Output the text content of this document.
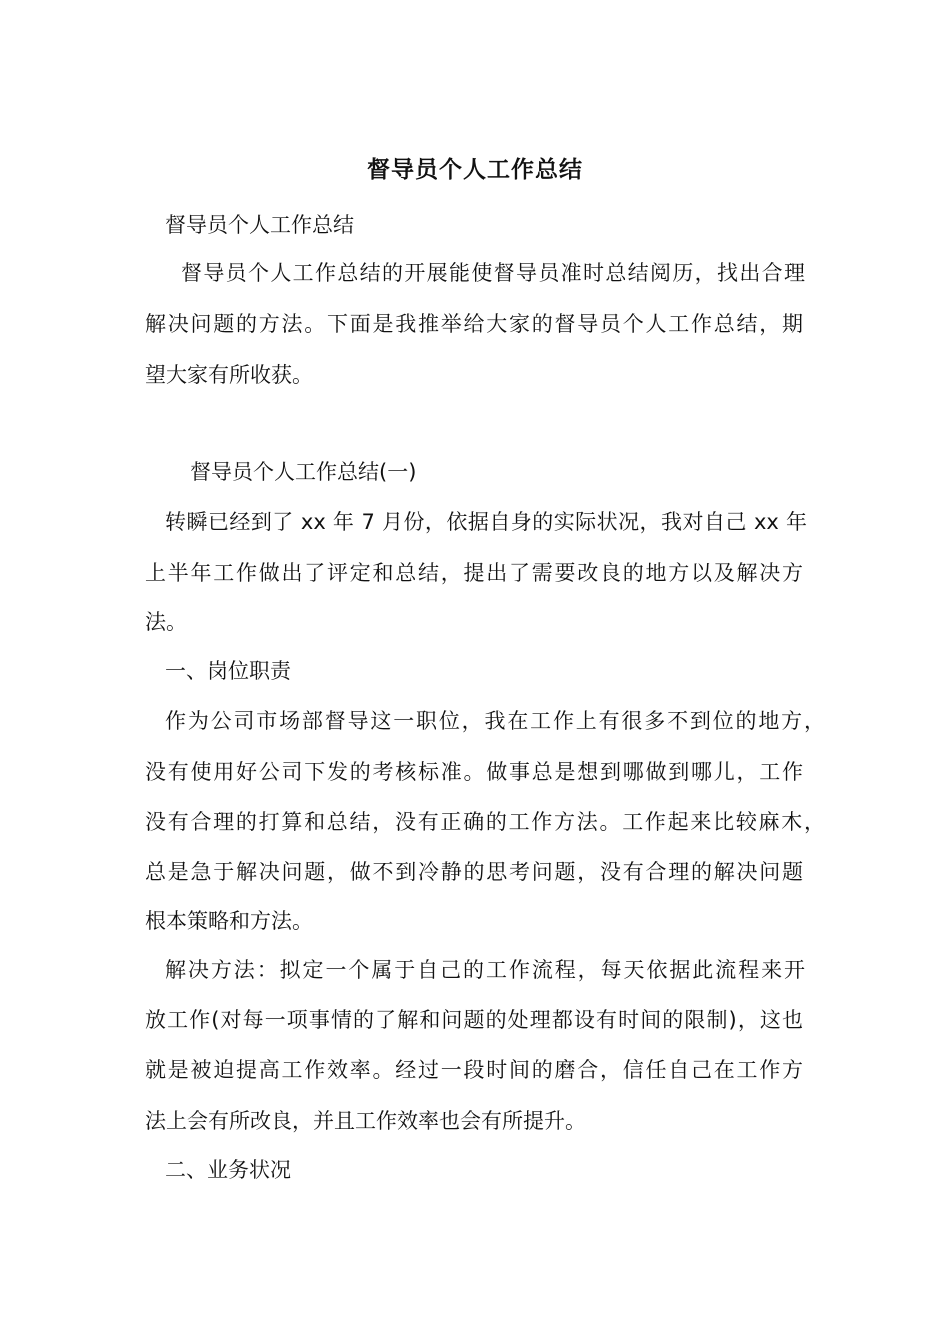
督导员个人工作总结
督导员个人工作总结
督导员个人工作总结的开展能使督导员准时总结阅历，找出合理
解决问题的方法。下面是我推举给大家的督导员个人工作总结，期
望大家有所收获。
督导员个人工作总结(一)
转瞬已经到了 xx 年 7 月份，依据自身的实际状况，我对自己 xx 年
上半年工作做出了评定和总结，提出了需要改良的地方以及解决方
法。
一、岗位职责
作为公司市场部督导这一职位，我在工作上有很多不到位的地方，
没有使用好公司下发的考核标准。做事总是想到哪做到哪儿，工作
没有合理的打算和总结，没有正确的工作方法。工作起来比较麻木，
总是急于解决问题，做不到冷静的思考问题，没有合理的解决问题
根本策略和方法。
解决方法：拟定一个属于自己的工作流程，每天依据此流程来开
放工作(对每一项事情的了解和问题的处理都设有时间的限制)，这也
就是被迫提高工作效率。经过一段时间的磨合，信任自己在工作方
法上会有所改良，并且工作效率也会有所提升。
二、业务状况
